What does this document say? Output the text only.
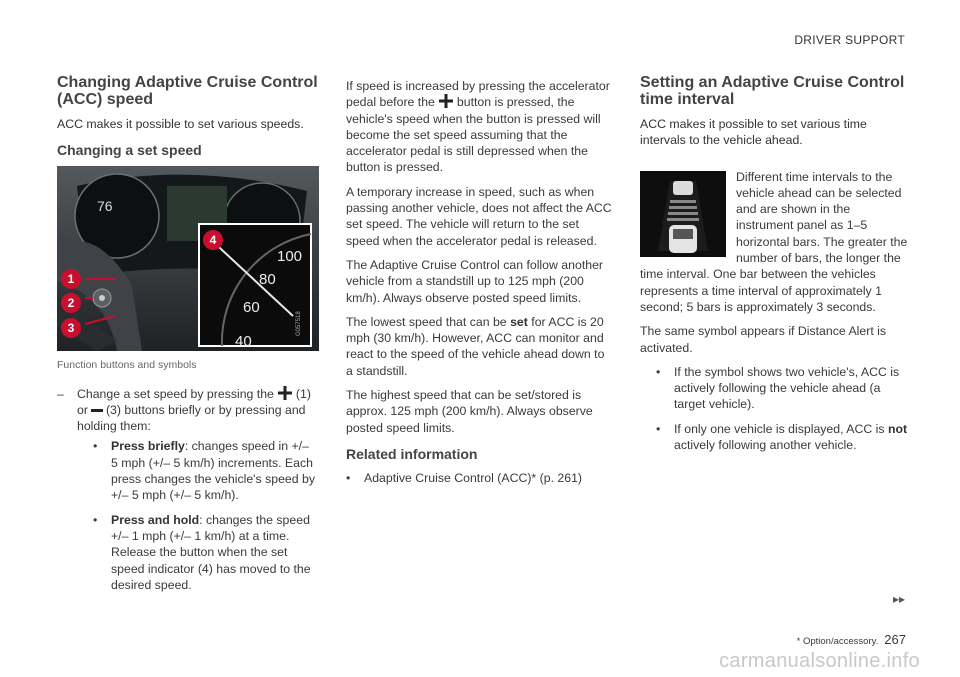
DRIVER SUPPORT
Changing Adaptive Cruise Control (ACC) speed

ACC makes it possible to set various speeds.

Changing a set speed
76
100
80
60
40
G057518
1
2
3
4
Function buttons and symbols
–	Change a set speed by pressing the (1) or (3) buttons briefly or by pressing and holding them:
•	Press briefly: changes speed in +/– 5 mph (+/– 5 km/h) increments. Each press changes the vehicle's speed by +/– 5 mph (+/– 5 km/h).
•	Press and hold: changes the speed +/– 1 mph (+/– 1 km/h) at a time. Release the button when the set speed indicator (4) has moved to the desired speed.

If speed is increased by pressing the accelerator pedal before the button is pressed, the vehicle's speed when the button is pressed will become the set speed assuming that the accelerator pedal is still depressed when the button is pressed.

A temporary increase in speed, such as when passing another vehicle, does not affect the ACC set speed. The vehicle will return to the set speed when the accelerator pedal is released.

The Adaptive Cruise Control can follow another vehicle from a standstill up to 125 mph (200 km/h). Always observe posted speed limits.

The lowest speed that can be set for ACC is 20 mph (30 km/h). However, ACC can monitor and react to the speed of the vehicle ahead down to a standstill.

The highest speed that can be set/stored is approx. 125 mph (200 km/h). Always observe posted speed limits.

Related information
•	Adaptive Cruise Control (ACC)* (p. 261)
Setting an Adaptive Cruise Control time interval

ACC makes it possible to set various time intervals to the vehicle ahead.

Different time intervals to the vehicle ahead can be selected and are shown in the instrument panel as 1–5 horizontal bars. The greater the number of bars, the longer the time interval. One bar between the vehicles represents a time interval of approximately 1 second; 5 bars is approximately 3 seconds.

The same symbol appears if Distance Alert is activated.

•	If the symbol shows two vehicle's, ACC is actively following the vehicle ahead (a target vehicle).
•	If only one vehicle is displayed, ACC is not actively following another vehicle.
▸▸
* Option/accessory. 267
carmanualsonline.info
